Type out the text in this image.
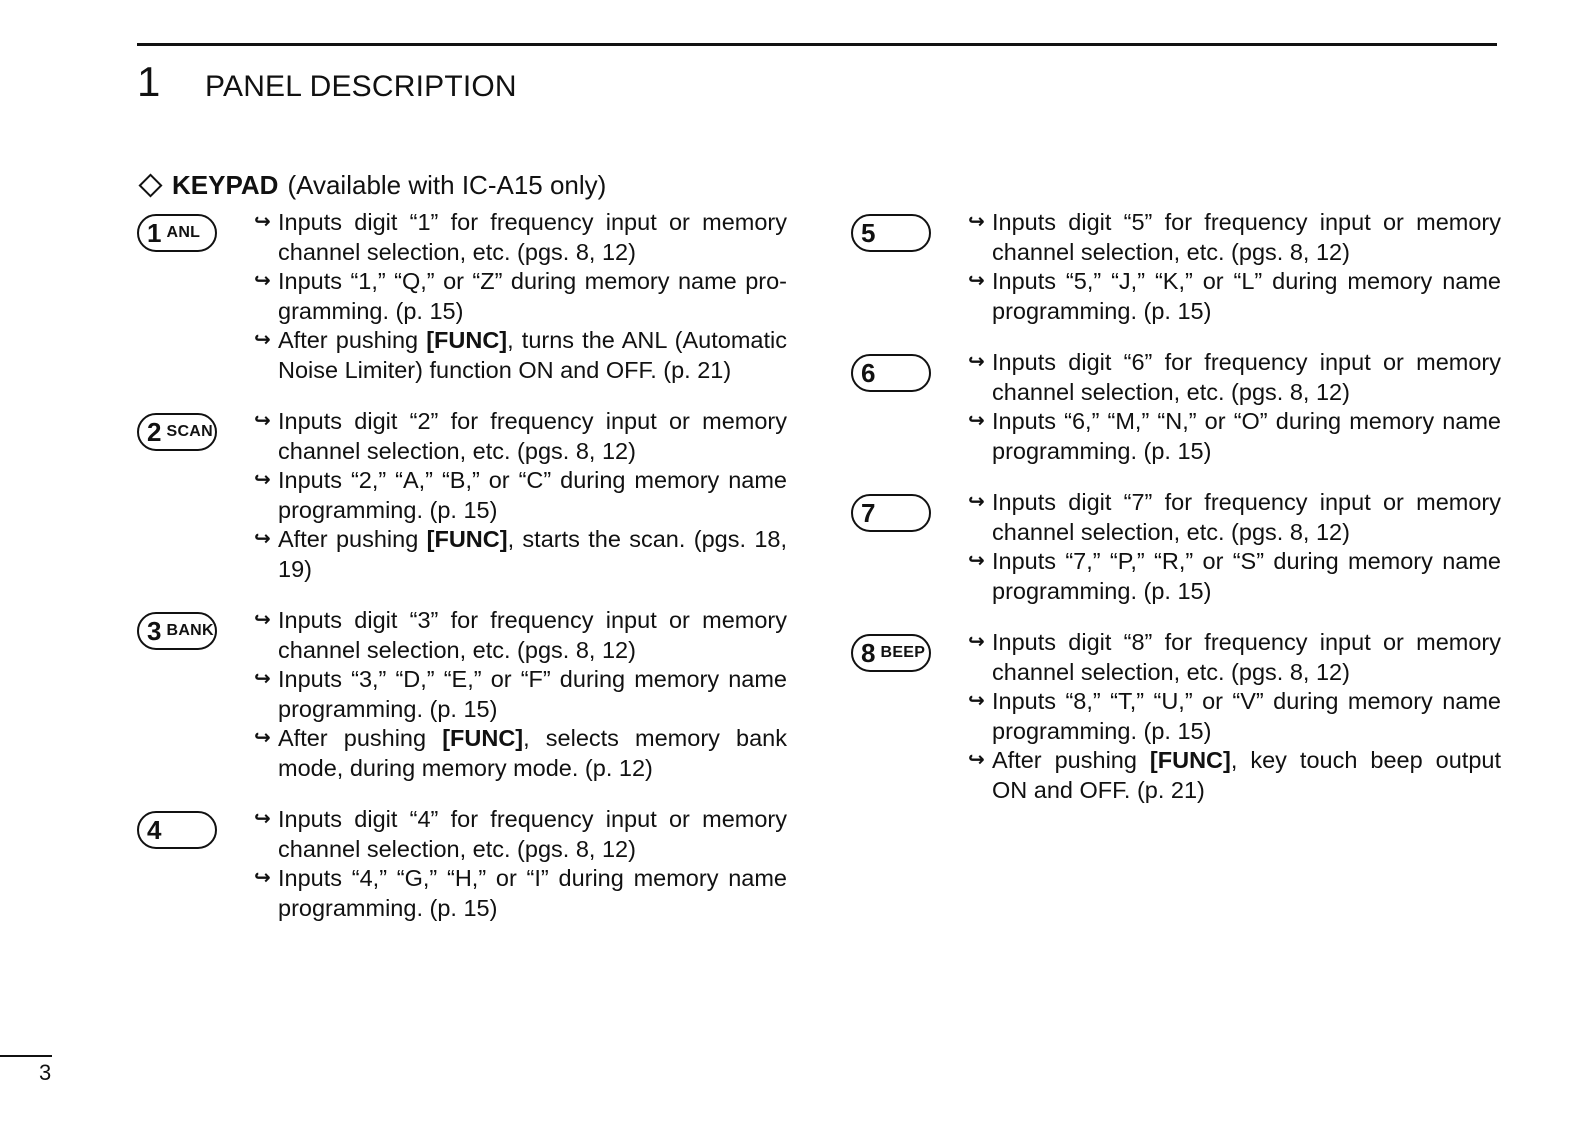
1	PANEL DESCRIPTION
KEYPAD (Available with IC-A15 only)
1 ANL	↪ Inputs digit “1” for frequency input or memory channel selection, etc. (pgs. 8, 12)
↪ Inputs “1,” “Q,” or “Z” during memory name pro-gramming. (p. 15)
↪ After pushing [FUNC], turns the ANL (Automatic Noise Limiter) function ON and OFF. (p. 21)
2 SCAN ↪ Inputs digit “2” for frequency input or memory channel selection, etc. (pgs. 8, 12)
↪ Inputs “2,” “A,” “B,” or “C” during memory name programming. (p. 15)
↪ After pushing [FUNC], starts the scan. (pgs. 18, 19)
3 BANK ↪ Inputs digit “3” for frequency input or memory channel selection, etc. (pgs. 8, 12)
↪ Inputs “3,” “D,” “E,” or “F” during memory name programming. (p. 15)
↪ After pushing [FUNC], selects memory bank mode, during memory mode. (p. 12)
4	↪ Inputs digit “4” for frequency input or memory channel selection, etc. (pgs. 8, 12)
↪ Inputs “4,” “G,” “H,” or “I” during memory name programming. (p. 15)
5	↪ Inputs digit “5” for frequency input or memory channel selection, etc. (pgs. 8, 12)
↪ Inputs “5,” “J,” “K,” or “L” during memory name programming. (p. 15)
6	↪ Inputs digit “6” for frequency input or memory channel selection, etc. (pgs. 8, 12)
↪ Inputs “6,” “M,” “N,” or “O” during memory name programming. (p. 15)
7	↪ Inputs digit “7” for frequency input or memory channel selection, etc. (pgs. 8, 12)
↪ Inputs “7,” “P,” “R,” or “S” during memory name programming. (p. 15)
8 BEEP ↪ Inputs digit “8” for frequency input or memory channel selection, etc. (pgs. 8, 12)
↪ Inputs “8,” “T,” “U,” or “V” during memory name programming. (p. 15)
↪ After pushing [FUNC], key touch beep output ON and OFF. (p. 21)
3
